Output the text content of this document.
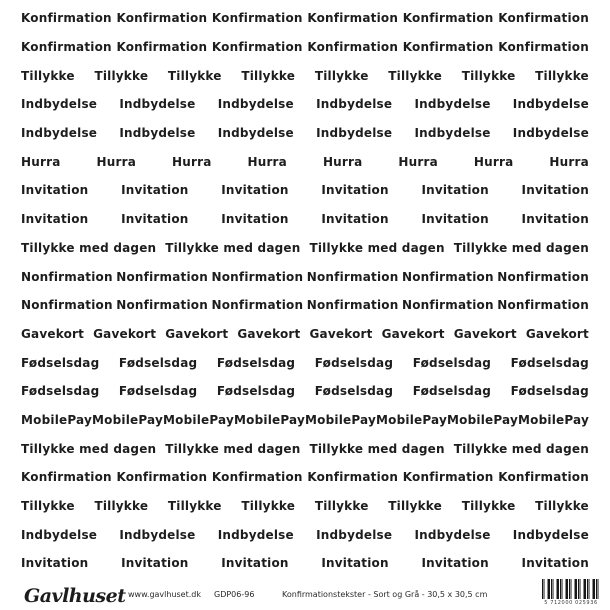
Konfirmation Konfirmation Konfirmation Konfirmation Konfirmation Konfirmation
Konfirmation Konfirmation Konfirmation Konfirmation Konfirmation Konfirmation
Tillykke Tillykke Tillykke Tillykke Tillykke Tillykke Tillykke Tillykke
Indbydelse Indbydelse Indbydelse Indbydelse Indbydelse Indbydelse
Indbydelse Indbydelse Indbydelse Indbydelse Indbydelse Indbydelse
Hurra	Hurra	Hurra	Hurra	Hurra	Hurra	Hurra	Hurra
Invitation	Invitation	Invitation	Invitation	Invitation	Invitation
Invitation	Invitation	Invitation	Invitation	Invitation	Invitation
Tillykke med dagen Tillykke med dagen Tillykke med dagen Tillykke med dagen
Nonfirmation Nonfirmation Nonfirmation Nonfirmation Nonfirmation Nonfirmation
Nonfirmation Nonfirmation Nonfirmation Nonfirmation Nonfirmation Nonfirmation
Gavekort Gavekort Gavekort Gavekort Gavekort Gavekort Gavekort Gavekort
Fødselsdag Fødselsdag Fødselsdag Fødselsdag Fødselsdag Fødselsdag
Fødselsdag Fødselsdag Fødselsdag Fødselsdag Fødselsdag Fødselsdag
MobilePay MobilePay MobilePay MobilePay MobilePay MobilePay MobilePay MobilePay
Tillykke med dagen Tillykke med dagen Tillykke med dagen Tillykke med dagen
Konfirmation Konfirmation Konfirmation Konfirmation Konfirmation Konfirmation
Tillykke Tillykke Tillykke Tillykke Tillykke Tillykke Tillykke Tillykke
Indbydelse Indbydelse Indbydelse Indbydelse Indbydelse Indbydelse
Invitation	Invitation	Invitation	Invitation	Invitation	Invitation
Gavlhuset www.gavlhuset.dk GDP06-96	Konfirmationstekster - Sort og Grå - 30,5 x 30,5 cm
5 712000 025936
